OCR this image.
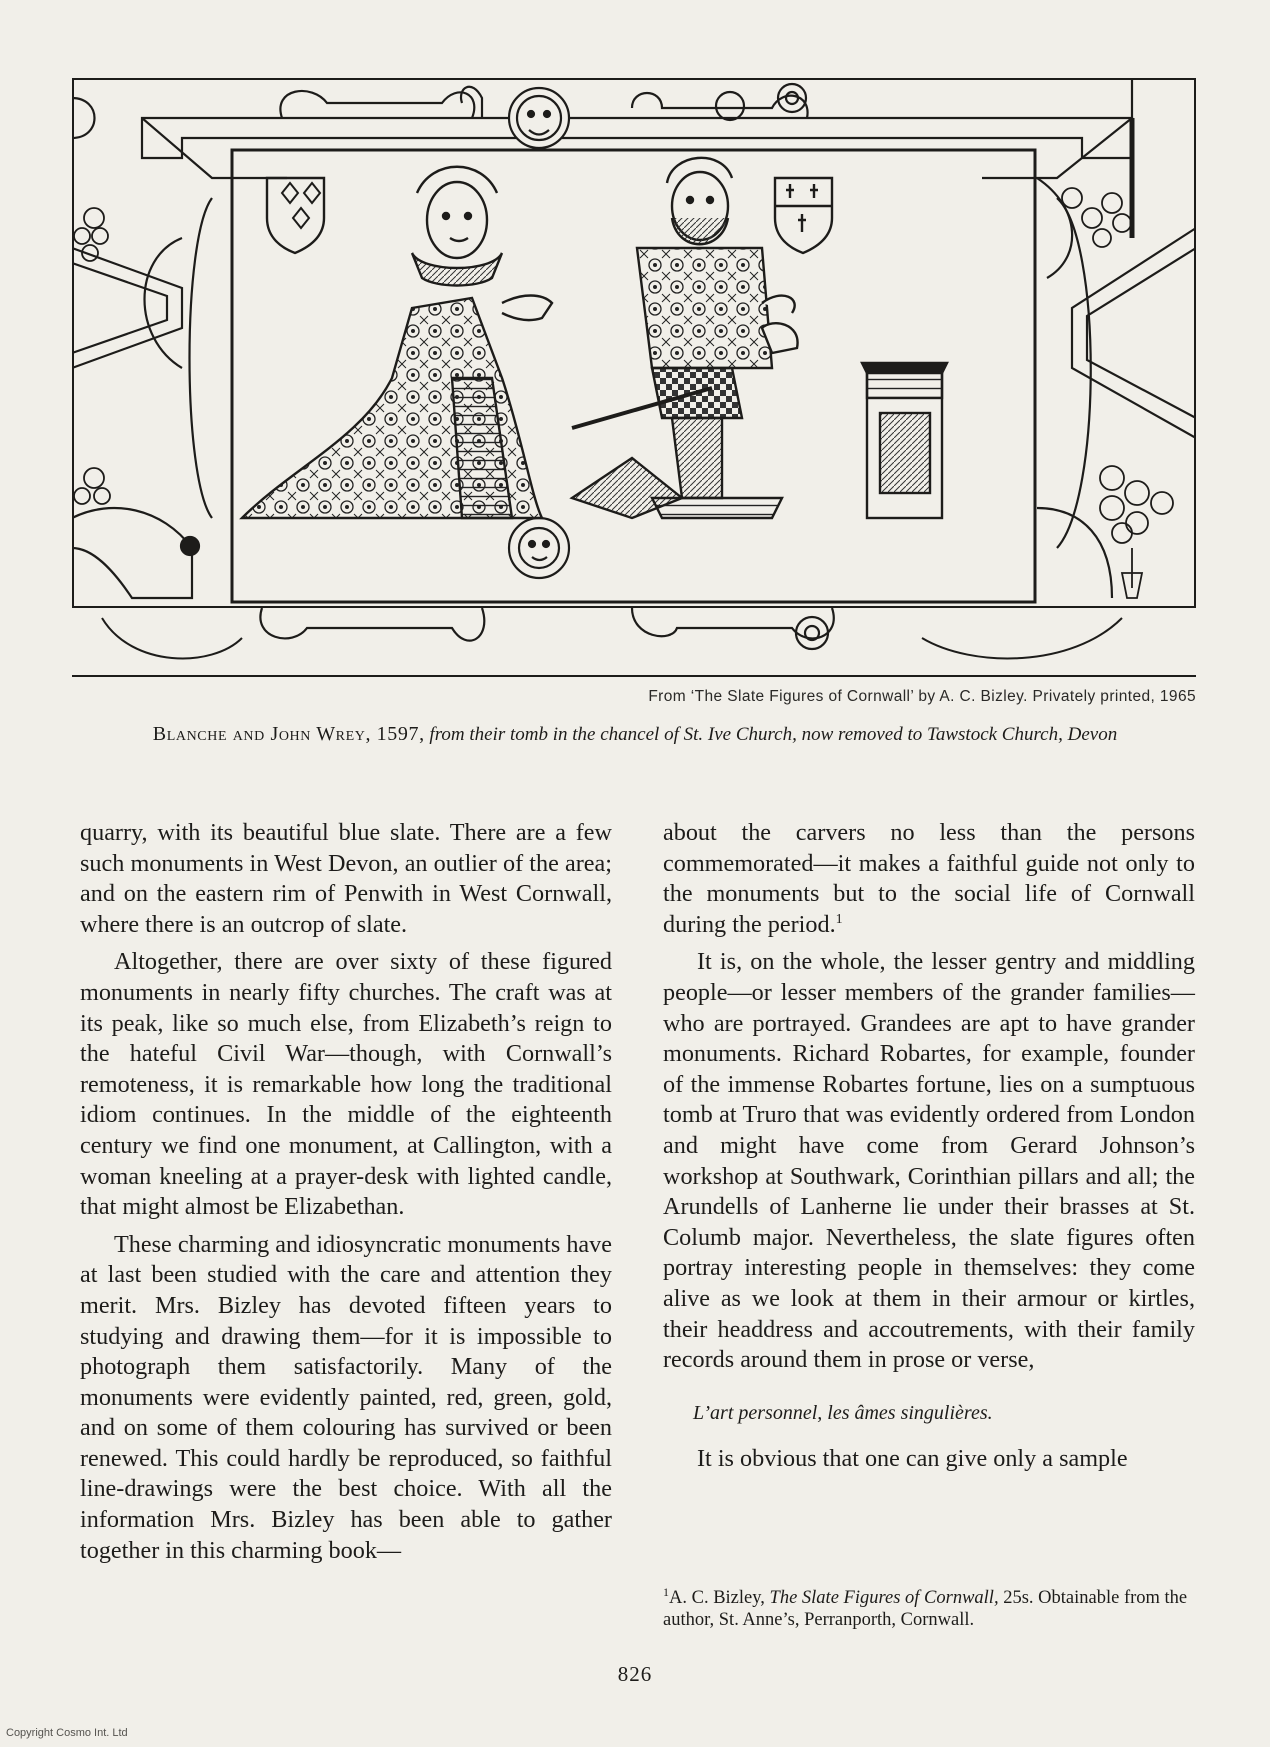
From ‘The Slate Figures of Cornwall’ by A. C. Bizley. Privately printed, 1965
Blanche and John Wrey, 1597, from their tomb in the chancel of St. Ive Church, now removed to Tawstock Church, Devon

quarry, with its beautiful blue slate. There are a few such monuments in West Devon, an outlier of the area; and on the eastern rim of Penwith in West Cornwall, where there is an outcrop of slate.

Altogether, there are over sixty of these figured monuments in nearly fifty churches. The craft was at its peak, like so much else, from Elizabeth’s reign to the hateful Civil War—though, with Cornwall’s remoteness, it is remarkable how long the traditional idiom continues. In the middle of the eighteenth century we find one monument, at Callington, with a woman kneeling at a prayer-desk with lighted candle, that might almost be Elizabethan.

These charming and idiosyncratic monuments have at last been studied with the care and attention they merit. Mrs. Bizley has devoted fifteen years to studying and drawing them—for it is impossible to photograph them satisfactorily. Many of the monuments were evidently painted, red, green, gold, and on some of them colouring has survived or been renewed. This could hardly be reproduced, so faithful line-drawings were the best choice. With all the information Mrs. Bizley has been able to gather together in this charming book—

about the carvers no less than the persons commemorated—it makes a faithful guide not only to the monuments but to the social life of Cornwall during the period.$^1$

It is, on the whole, the lesser gentry and middling people—or lesser members of the grander families—who are portrayed. Grandees are apt to have grander monuments. Richard Robartes, for example, founder of the immense Robartes fortune, lies on a sumptuous tomb at Truro that was evidently ordered from London and might have come from Gerard Johnson’s workshop at Southwark, Corinthian pillars and all; the Arundells of Lanherne lie under their brasses at St. Columb major. Nevertheless, the slate figures often portray interesting people in themselves: they come alive as we look at them in their armour or kirtles, their headdress and accoutrements, with their family records around them in prose or verse,

L’art personnel, les âmes singulières.

It is obvious that one can give only a sample

$^1$A. C. Bizley, The Slate Figures of Cornwall, 25s. Obtainable from the author, St. Anne’s, Perranporth, Cornwall.
826
Copyright Cosmo Int. Ltd
